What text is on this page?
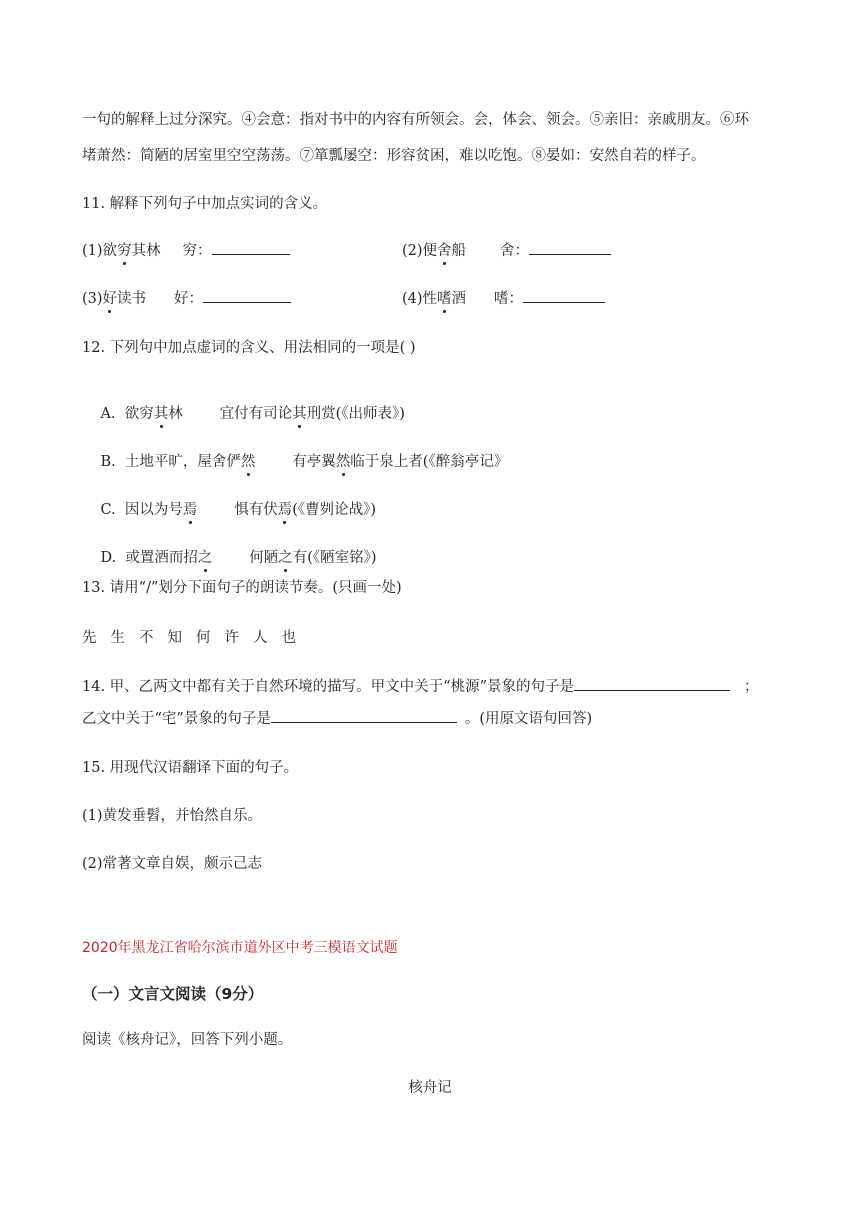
一句的解释上过分深究。④会意：指对书中的内容有所领会。会，体会、领会。⑤亲旧：亲戚朋友。⑥环
堵萧然：简陋的居室里空空荡荡。⑦箪瓢屡空：形容贫困，难以吃饱。⑧晏如：安然自若的样子。
11. 解释下列句子中加点实词的含义。
(1)欲穷其林 穷：	(2)便舍船 舍：
(3)好读书 好：	(4)性嗜酒 嗜：
12. 下列句中加点虚词的含义、用法相同的一项是( )

A.  欲穷其林        宜付有司论其刑赏(《出师表》)

B.  土地平旷，屋舍俨然        有亭翼然临于泉上者(《醉翁亭记》

C.  因以为号焉        惧有伏焉(《曹刿论战》)

D.  或置酒而招之        何陋之有(《陋室铭》)

13. 请用“/”划分下面句子的朗读节奏。(只画一处)
先 生 不 知 何 许 人 也
14. 甲、乙两文中都有关于自然环境的描写。甲文中关于“桃源”景象的句子是	；
乙文中关于“宅”景象的句子是	。(用原文语句回答)
15. 用现代汉语翻译下面的句子。
(1)黄发垂髫，并怡然自乐。
(2)常著文章自娱，颇示己志
2020年黑龙江省哈尔滨市道外区中考三模语文试题
（一）文言文阅读（9分）
阅读《核舟记》，回答下列小题。
核舟记
